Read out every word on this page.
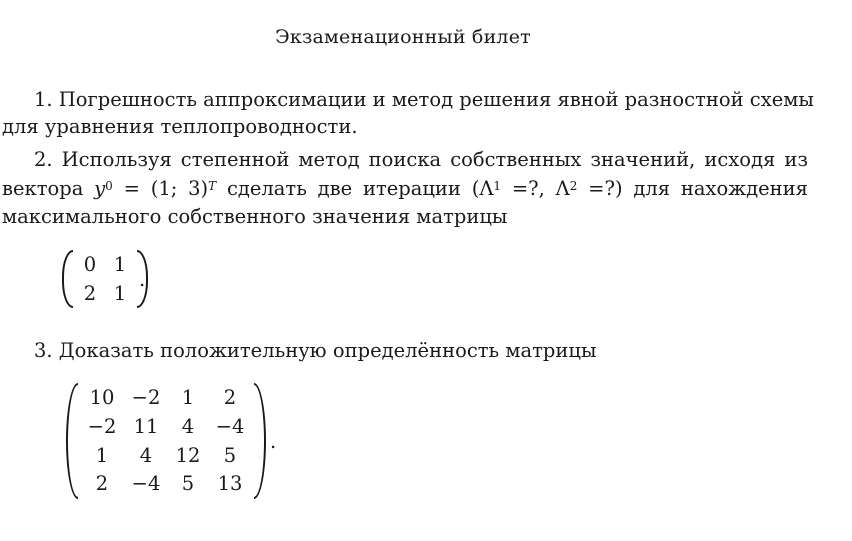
Экзаменационный билет
1. Погрешность аппроксимации и метод решения явной разностной схемы
для уравнения теплопроводности.
2. Используя степенной метод поиска собственных значений, исходя из
вектора $y^0 = (1$; 3)$^T$ сделать две итерации ($\Lambda^1$ =?, $\Lambda^2$ =?) для нахождения
максимального собственного значения матрицы
0 1
2 1
.
3. Доказать положительную определённость матрицы
10 −2	1	2
−2 11	4	−4
1	4	12	5
2	−4	5	13
.
